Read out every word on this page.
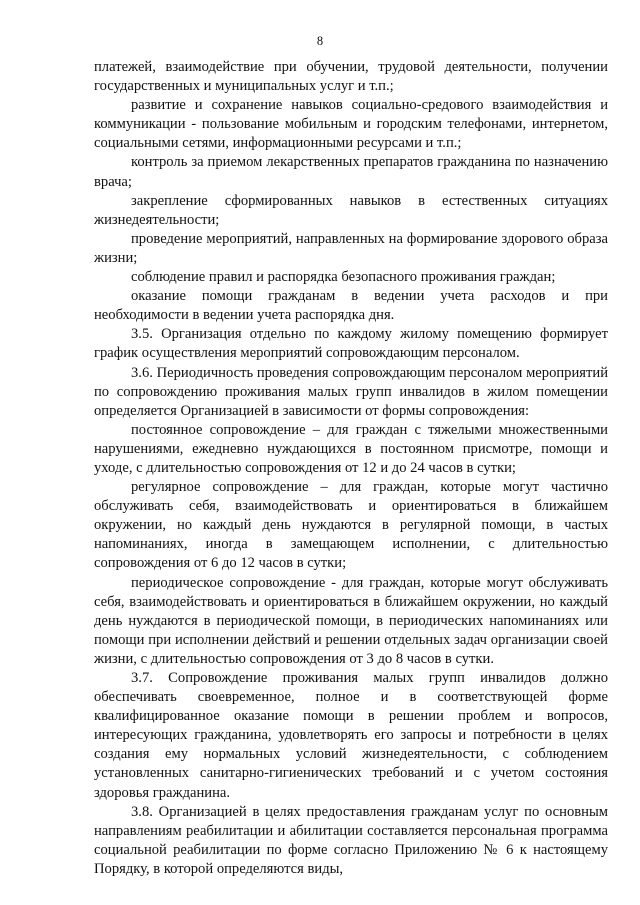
8

платежей, взаимодействие при обучении, трудовой деятельности, получении государственных и муниципальных услуг и т.п.;

развитие и сохранение навыков социально-средового взаимодействия и коммуникации - пользование мобильным и городским телефонами, интернетом, социальными сетями, информационными ресурсами и т.п.;

контроль за приемом лекарственных препаратов гражданина по назначению врача;

закрепление сформированных навыков в естественных ситуациях жизнедеятельности;

проведение мероприятий, направленных на формирование здорового образа жизни;

соблюдение правил и распорядка безопасного проживания граждан;

оказание помощи гражданам в ведении учета расходов и при необходимости в ведении учета распорядка дня.

3.5. Организация отдельно по каждому жилому помещению формирует график осуществления мероприятий сопровождающим персоналом.

3.6. Периодичность проведения сопровождающим персоналом мероприятий по сопровождению проживания малых групп инвалидов в жилом помещении определяется Организацией в зависимости от формы сопровождения:

постоянное сопровождение – для граждан с тяжелыми множественными нарушениями, ежедневно нуждающихся в постоянном присмотре, помощи и уходе, с длительностью сопровождения от 12 и до 24 часов в сутки;

регулярное сопровождение – для граждан, которые могут частично обслуживать себя, взаимодействовать и ориентироваться в ближайшем окружении, но каждый день нуждаются в регулярной помощи, в частых напоминаниях, иногда в замещающем исполнении, с длительностью сопровождения от 6 до 12 часов в сутки;

периодическое сопровождение - для граждан, которые могут обслуживать себя, взаимодействовать и ориентироваться в ближайшем окружении, но каждый день нуждаются в периодической помощи, в периодических напоминаниях или помощи при исполнении действий и решении отдельных задач организации своей жизни, с длительностью сопровождения от 3 до 8 часов в сутки.

3.7. Сопровождение проживания малых групп инвалидов должно обеспечивать своевременное, полное и в соответствующей форме квалифицированное оказание помощи в решении проблем и вопросов, интересующих гражданина, удовлетворять его запросы и потребности в целях создания ему нормальных условий жизнедеятельности, с соблюдением установленных санитарно-гигиенических требований и с учетом состояния здоровья гражданина.

3.8. Организацией в целях предоставления гражданам услуг по основным направлениям реабилитации и абилитации составляется персональная программа социальной реабилитации по форме согласно Приложению № 6 к настоящему Порядку, в которой определяются виды,
